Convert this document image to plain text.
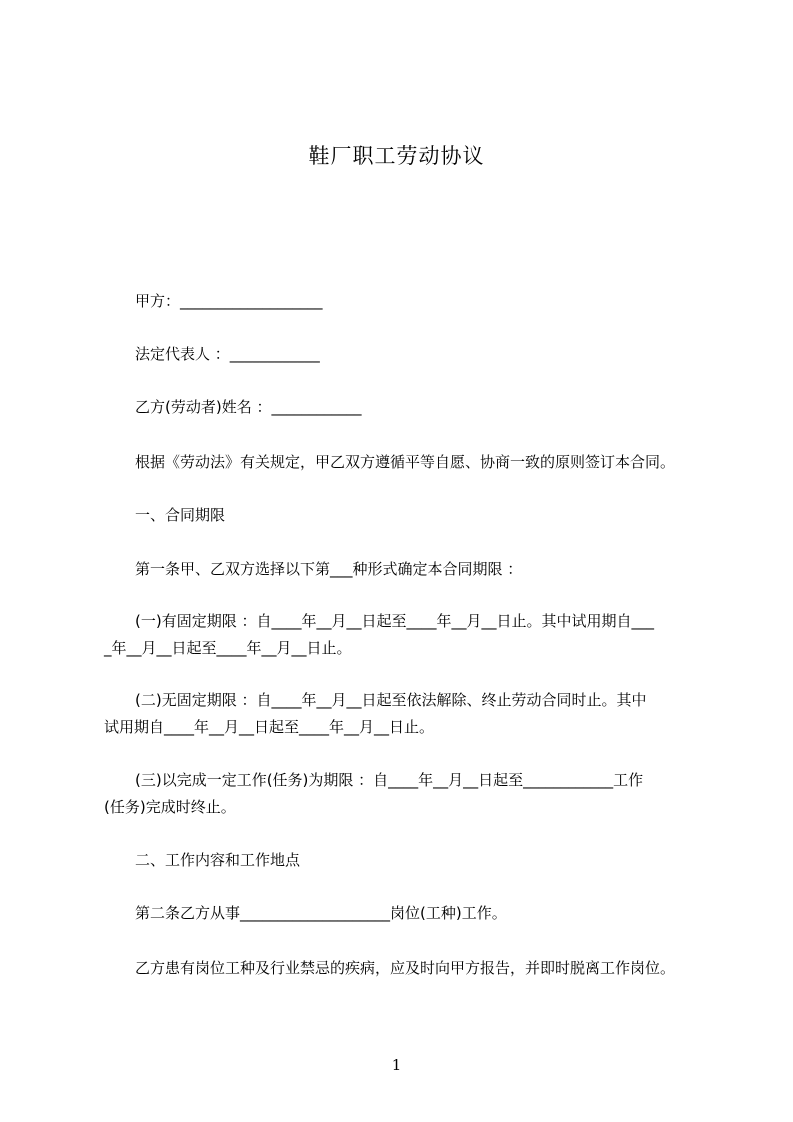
鞋厂职工劳动协议
甲方：___________________
法定代表人 ：____________
乙方(劳动者)姓名 ：____________
根据《劳动法》有关规定，甲乙双方遵循平等自愿、协商一致的原则签订本合同。
一、合同期限
第一条甲、乙双方选择以下第___种形式确定本合同期限 ：
(一)有固定期限 ：自____年__月__日起至____年__月__日止。其中试用期自___
_年__月__日起至____年__月__日止。
(二)无固定期限 ：自____年__月__日起至依法解除、终止劳动合同时止。其中
试用期自____年__月__日起至____年__月__日止。
(三)以完成一定工作(任务)为期限 ：自____年__月__日起至____________工作
(任务)完成时终止。
二、工作内容和工作地点
第二条乙方从事____________________岗位(工种)工作。
乙方患有岗位工种及行业禁忌的疾病，应及时向甲方报告，并即时脱离工作岗位。
1
